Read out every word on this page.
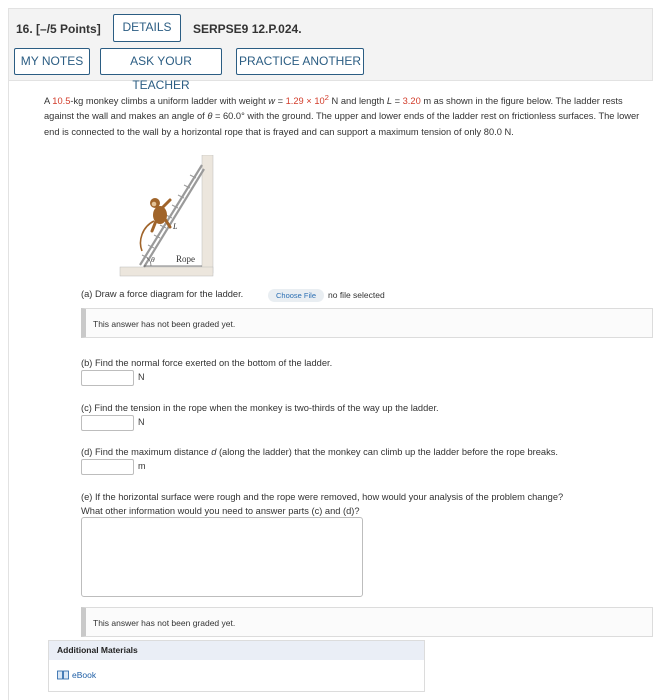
16. [–/5 Points]	DETAILS	SERPSE9 12.P.024.
MY NOTES	ASK YOUR TEACHER
PRACTICE ANOTHER
A 10.5-kg monkey climbs a uniform ladder with weight $w = 1.29 \times 10^2$ N and length L = 3.20 m as shown in the figure below. The ladder rests against the wall and makes an angle of θ = 60.0° with the ground. The upper and lower ends of the ladder rest on frictionless surfaces. The lower end is connected to the wall by a horizontal rope that is frayed and can support a maximum tension of only 80.0 N.
L
θ Rope
(a) Draw a force diagram for the ladder.	Choose File	no file selected
This answer has not been graded yet.
(b) Find the normal force exerted on the bottom of the ladder.
N
(c) Find the tension in the rope when the monkey is two-thirds of the way up the ladder.
N
(d) Find the maximum distance d (along the ladder) that the monkey can climb up the ladder before the rope breaks.
m
(e) If the horizontal surface were rough and the rope were removed, how would your analysis of the problem change?
What other information would you need to answer parts (c) and (d)?
This answer has not been graded yet.
Additional Materials
eBook
